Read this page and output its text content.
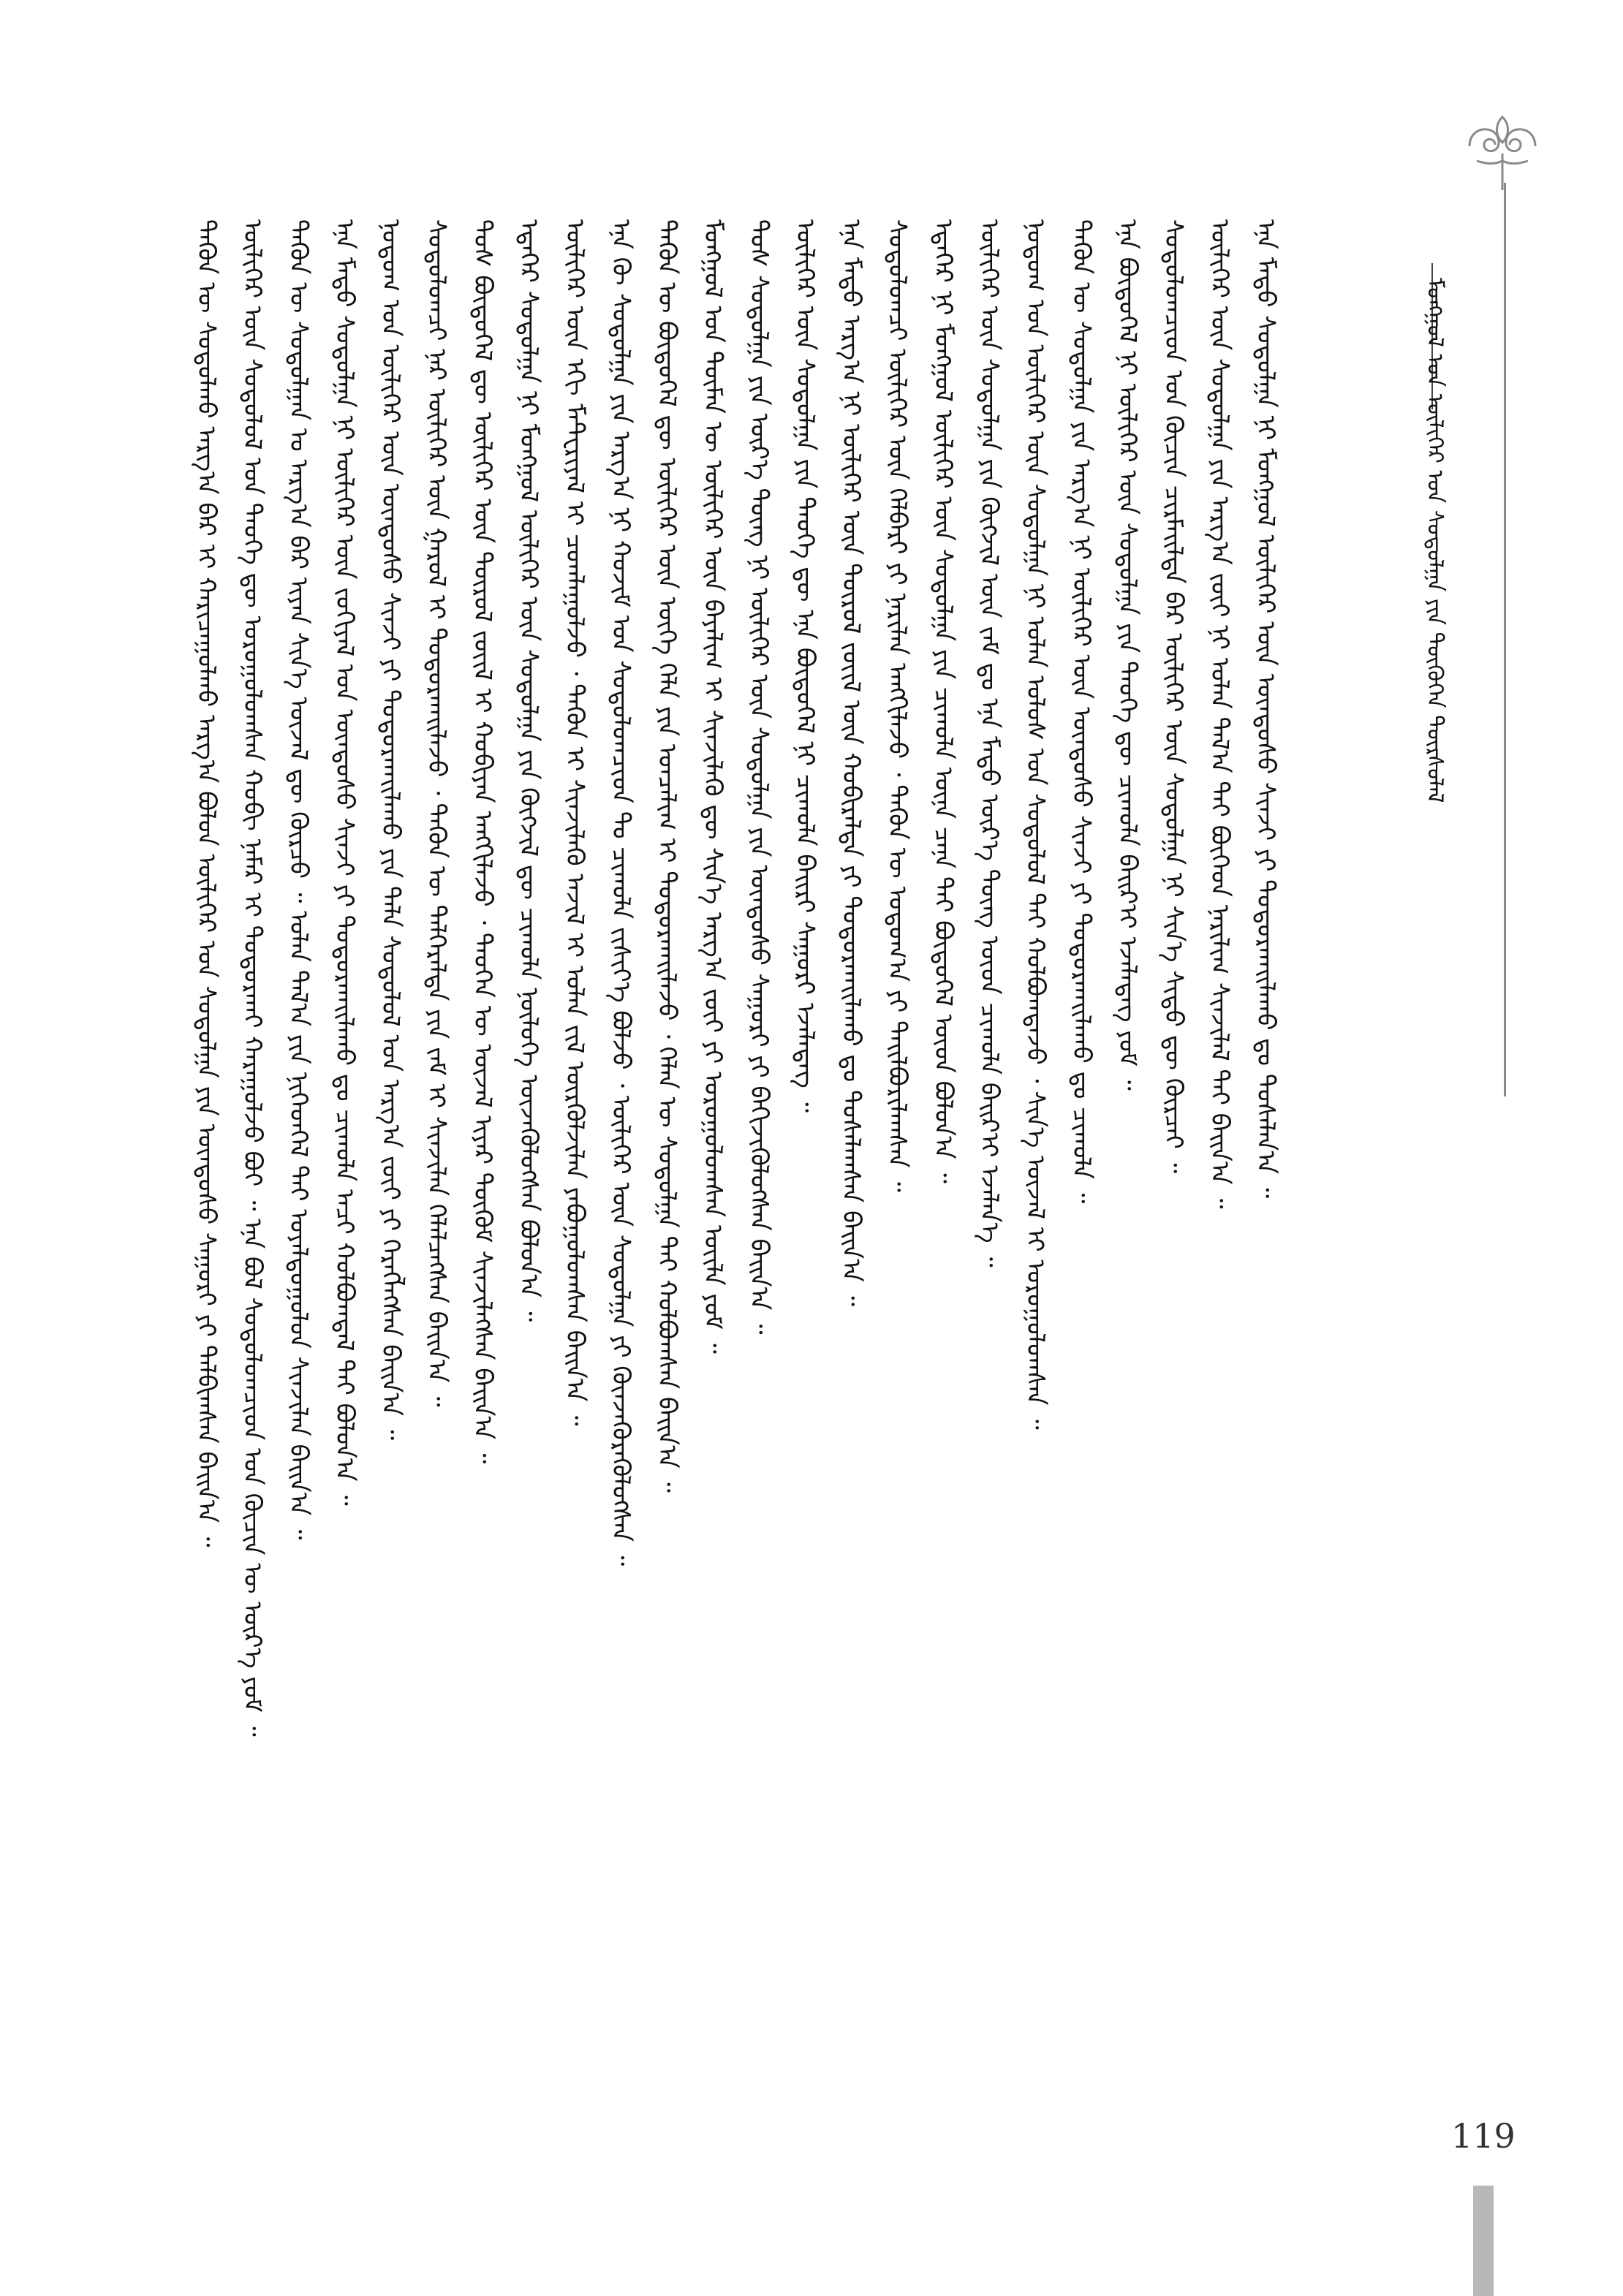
ᠮᠣᠩᠭᠤᠯ ᠤᠨ ᠦᠯᠢᠭᠡᠷ ᠤᠨ ᠰᠤᠳᠤᠯᠭᠠ ᠶᠢᠨ ᠲᠦᠬᠦᠬᠡᠨ ᠳᠦᠷᠰᠦᠯᠡᠯ
ᠲᠡᠭᠦᠨ ᠦ ᠰᠤᠳᠤᠯᠬᠤ ᠠᠷᠭ᠎ᠠ ᠪᠠᠷ ᠢ ᠬᠠᠷᠢᠴᠠᠭᠤᠯᠬᠤ ᠠᠷᠭ᠎ᠠ ᠪᠤᠯᠤᠨ ᠦᠯᠢᠭᠡᠷ ᠤᠨ ᠰᠤᠳᠤᠯᠭᠠ ᠶᠢᠨ ᠦᠨᠳᠦᠰᠦ ᠰᠠᠭᠤᠷᠢ ᠶᠢ ᠲᠠᠯᠪᠢᠭᠰᠠᠨ ᠪᠠᠢᠨ᠎ᠠ ᠃ ᠦᠯᠢᠭᠡᠷ ᠦᠨ ᠰᠤᠳᠤᠯᠤᠯ ᠤᠨ ᠲᠡᠦᠬᠡ ᠳᠦ ᠣᠷᠣᠭᠤᠯᠤᠭᠰᠠᠨ ᠬᠤᠪᠢ ᠨᠡᠮᠡᠷ ᠢ ᠲᠣᠳᠣᠷᠬᠠᠢ ᠬᠠᠷᠠᠭᠤᠯᠵᠤ ᠪᠤᠢ ᠃ ᠡᠨᠡ ᠪᠣᠯ ᠰᠤᠳᠤᠯᠤᠭᠴᠢᠳ ᠤᠨ ᠬᠦᠴᠢᠨ ᠦ ᠦᠷ᠎ᠡ ᠶᠤᠮ ᠃ ᠲᠡᠭᠦᠨ ᠦ ᠰᠤᠳᠤᠯᠭᠠᠨ ᠤ ᠠᠷᠭ᠎ᠠ ᠪᠠᠷ ᠢᠶᠠᠨ ᠰᠢᠨ᠎ᠡ ᠦᠵᠡᠯ ᠳᠦ ᠬᠦᠷᠴᠦ ᠃ ᠣᠯᠠᠨ ᠲᠠᠯ᠎ᠠ ᠶᠢᠨ ᠨᠢᠭᠡᠳᠬᠡᠯ ᠲᠡᠢ ᠤᠶᠠᠯᠳᠤᠭᠤᠯᠤᠨ ᠰᠢᠨᠵᠢᠯᠡᠨ ᠪᠠᠢᠨ᠎ᠠ ᠃ ᠡᠨᠡ ᠮᠡᠲᠦ ᠰᠤᠳᠤᠯᠭᠠ ᠨᠢ ᠦᠯᠢᠭᠡᠷ ᠦᠨ ᠵᠣᠬᠢᠶᠠᠯ ᠤᠨ ᠦᠨᠳᠦᠰᠦ ᠰᠢᠨᠵᠢ ᠶᠢ ᠲᠣᠳᠣᠷᠬᠠᠢᠯᠠᠬᠤ ᠳᠤ ᠴᠢᠬᠤᠯᠠ ᠠᠴᠢ ᠬᠣᠯᠪᠣᠭᠳᠠᠯ ᠲᠠᠢ ᠪᠣᠯᠤᠨ᠎ᠠ ᠃ ᠨᠤᠲᠤᠭ ᠤᠨ ᠦᠯᠢᠭᠡᠷ ᠦᠨ ᠦᠨᠳᠦᠰᠦ ᠰᠢᠨᠵᠢ ᠶᠢ ᠲᠣᠳᠣᠷᠬᠠᠢᠯᠠᠬᠤ ᠶᠢᠨ ᠲᠡᠯᠡ ᠰᠤᠳᠤᠯᠤᠯ ᠤᠨ ᠠᠷᠭ᠎ᠠ ᠵᠦᠢ ᠶᠢ ᠬᠡᠷᠡᠭᠯᠡᠭᠰᠡᠨ ᠪᠠᠢᠨ᠎ᠠ ᠃ ᠰᠤᠳᠤᠯᠤᠭᠴᠢ ᠨᠠᠷ ᠦᠯᠢᠭᠡᠷ ᠦᠨ ᠭᠠᠷᠤᠯ ᠢ ᠲᠣᠳᠣᠷᠬᠠᠢᠯᠠᠵᠤ ᠂ ᠲᠡᠭᠦᠨ ᠦ ᠳᠡᠯᠭᠡᠷᠡᠯᠲᠡ ᠶᠢᠨ ᠵᠠᠮ ᠢ ᠰᠢᠨᠵᠢᠯᠡᠨ ᠬᠡᠯᠡᠯᠴᠡᠭᠰᠡᠨ ᠪᠠᠢᠨ᠎ᠠ ᠃ ᠲᠤᠰ ᠪᠦᠲᠦᠭᠡᠯ ᠳᠦ ᠦᠯᠢᠭᠡᠷ ᠦᠨ ᠲᠦᠷᠦᠯ ᠵᠦᠢᠯ ᠢ ᠬᠤᠪᠢᠶᠠᠨ ᠠᠩᠭᠢᠯᠠᠵᠤ ᠂ ᠲᠡᠦᠬᠡᠨ ᠦ ᠦᠵᠡᠯ ᠢᠶᠡᠷ ᠳᠦᠭᠦᠮ ᠰᠢᠨᠵᠢᠯᠡᠭᠰᠡᠨ ᠪᠠᠢᠨ᠎ᠠ ᠃ ᠡᠳᠡᠭᠡᠷ ᠰᠤᠳᠤᠯᠭᠠ ᠨᠢ ᠮᠣᠩᠭᠤᠯ ᠦᠯᠢᠭᠡᠷ ᠦᠨ ᠰᠤᠳᠤᠯᠭᠠ ᠶᠢᠨ ᠬᠥᠭᠵᠢᠯ ᠳᠦ ᠴᠢᠬᠤᠯᠠ ᠨᠥᠯᠥᠭᠡ ᠦᠵᠡᠭᠦᠯᠦᠭᠰᠡᠨ ᠪᠣᠯᠤᠨ᠎ᠠ ᠃ ᠦᠯᠢᠭᠡᠷ ᠦᠨ ᠡᠬᠢ ᠮᠠᠲ᠋ᠧᠷᠢᠶᠠᠯ ᠢ ᠴᠤᠭᠯᠠᠭᠤᠯᠵᠤ ᠂ ᠲᠡᠭᠦᠨ ᠢ ᠰᠢᠨᠵᠢᠯᠡᠬᠦ ᠠᠵᠢᠯ ᠢ ᠣᠯᠠᠨ ᠵᠢᠯ ᠦᠷᠭᠦᠯᠵᠢᠯᠡᠨ ᠶᠠᠪᠤᠭᠤᠯᠤᠭᠰᠠᠨ ᠪᠠᠢᠨ᠎ᠠ ᠃ ᠡᠨᠡ ᠬᠦ ᠰᠤᠳᠤᠯᠭᠠ ᠶᠢᠨ ᠠᠷᠭ᠎ᠠ ᠨᠢ ᠬᠣᠵᠢᠮ ᠤᠨ ᠰᠤᠳᠤᠯᠤᠭᠴᠢᠳ ᠲᠤ ᠴᠢᠬᠤᠯᠠ ᠵᠢᠱᠢᠶ᠎ᠡ ᠪᠣᠯᠵᠤ ᠂ ᠦᠯᠢᠭᠡᠷ ᠦᠨ ᠰᠤᠳᠤᠯᠭᠠ ᠶᠢ ᠭᠦᠨᠵᠡᠭᠦᠷᠡᠭᠦᠯᠦᠭᠰᠡᠨ ᠃ ᠲᠡᠭᠦᠨ ᠦ ᠪᠦᠲᠦᠭᠡᠯ ᠳᠦ ᠦᠯᠢᠭᠡᠷ ᠦᠨ ᠦᠭᠡ ᠬᠡᠯᠡ ᠶᠢᠨ ᠣᠨᠴᠠᠯᠢᠭ ᠢ ᠲᠣᠳᠣᠷᠬᠠᠢᠯᠠᠵᠤ ᠂ ᠬᠡᠯᠡᠨ ᠦ ᠰᠤᠳᠤᠯᠭᠠ ᠲᠠᠢ ᠬᠣᠯᠪᠣᠭᠰᠠᠨ ᠪᠠᠢᠨ᠎ᠠ ᠃ ᠮᠣᠩᠭᠤᠯ ᠤᠨ ᠲᠦᠮᠡᠨ ᠦ ᠦᠯᠢᠭᠡᠷ ᠦᠨ ᠪᠠᠶᠠᠯᠢᠭ ᠢ ᠰᠢᠨᠵᠢᠯᠡᠬᠦ ᠳᠦ ᠰᠢᠨ᠎ᠡ ᠠᠷᠭ᠎ᠠ ᠵᠦᠢ ᠶᠢ ᠣᠷᠣᠭᠤᠯᠤᠭᠰᠠᠨ ᠦᠢᠯᠡ ᠶᠤᠮ ᠃ ᠲᠤᠰ ᠰᠤᠳᠤᠯᠭᠠ ᠶᠢᠨ ᠦᠷ᠎ᠡ ᠳᠦᠩ ᠨᠢ ᠦᠯᠢᠭᠡᠷ ᠦᠨ ᠰᠤᠳᠤᠯᠭᠠ ᠶᠢᠨ ᠦᠨᠳᠦᠰᠦ ᠰᠠᠭᠤᠷᠢ ᠶᠢ ᠪᠡᠬᠢᠵᠢᠭᠦᠯᠦᠭᠰᠡᠨ ᠪᠠᠢᠨ᠎ᠠ ᠃ ᠦᠯᠢᠭᠡᠷ ᠦᠨ ᠰᠤᠳᠤᠯᠭᠠ ᠶᠢᠨ ᠲᠡᠦᠬᠡ ᠳᠦ ᠡᠨᠡ ᠪᠦᠲᠦᠭᠡᠯ ᠨᠢ ᠴᠢᠬᠤᠯᠠ ᠪᠠᠢᠷᠢ ᠰᠠᠭᠤᠷᠢ ᠡᠵᠡᠯᠡᠳᠡᠭ ᠃ ᠡᠨᠡ ᠮᠡᠲᠦ ᠠᠷᠭ᠎ᠠ ᠨᠢ ᠦᠯᠢᠭᠡᠷ ᠦᠨ ᠲᠦᠷᠦᠯ ᠵᠦᠢᠯ ᠦᠨ ᠬᠤᠪᠢᠷᠠᠯᠲᠠ ᠶᠢ ᠲᠣᠳᠣᠷᠬᠠᠢᠯᠠᠬᠤ ᠳᠤ ᠲᠤᠰᠠᠯᠠᠭᠰᠠᠨ ᠪᠠᠢᠨ᠎ᠠ ᠃ ᠰᠤᠳᠤᠯᠤᠭᠴᠢ ᠦᠯᠢᠭᠡᠷ ᠦᠨ ᠬᠡᠯᠪᠡᠷᠢ ᠶᠢ ᠨᠠᠷᠢᠯᠠᠨ ᠠᠩᠭᠢᠯᠠᠵᠤ ᠂ ᠲᠡᠭᠦᠨ ᠦ ᠤᠲᠤᠭ᠎ᠠ ᠶᠢ ᠲᠠᠢᠯᠪᠤᠷᠢᠯᠠᠭᠰᠠᠨ ᠃ ᠡᠳᠡᠭᠡᠷ ᠨᠢ ᠮᠣᠩᠭᠤᠯ ᠦᠯᠢᠭᠡᠷ ᠦᠨ ᠰᠤᠳᠤᠯᠭᠠ ᠶᠢᠨ ᠴᠢᠬᠤᠯᠠ ᠦᠨᠡ ᠴᠡᠨᠡ ᠲᠠᠢ ᠪᠦᠲᠦᠭᠡᠯ ᠦᠳ ᠪᠣᠯᠤᠨ᠎ᠠ ᠃ ᠦᠯᠢᠭᠡᠷ ᠦᠨ ᠰᠤᠳᠤᠯᠭᠠ ᠶᠢᠨ ᠬᠥᠭᠵᠢᠯ ᠦᠨ ᠵᠠᠮ ᠳᠤ ᠡᠨᠡ ᠮᠡᠲᠦ ᠦᠷ᠎ᠡ ᠳᠦᠩ ᠦᠳ ᠴᠢᠬᠤᠯᠠ ᠪᠠᠢᠷ᠎ᠢ ᠡᠵᠡᠯᠡᠨ᠎ᠡ ᠃ ᠨᠤᠲᠤᠭ ᠤᠨ ᠦᠯᠢᠭᠡᠷ ᠦᠨ ᠰᠤᠳᠤᠯᠭᠠ ᠨᠢ ᠣᠯᠠᠨ ᠤᠯᠤᠰ ᠤᠨ ᠰᠤᠳᠤᠯᠤᠯ ᠲᠠᠢ ᠬᠣᠯᠪᠣᠭᠳᠠᠵᠤ ᠂ ᠰᠢᠨ᠎ᠡ ᠦᠵᠡᠯ ᠢ ᠣᠷᠣᠭᠤᠯᠤᠭᠰᠠᠨ ᠃ ᠲᠡᠭᠦᠨ ᠦ ᠰᠤᠳᠤᠯᠭᠠ ᠶᠢᠨ ᠠᠷᠭ᠎ᠠ ᠨᠢ ᠦᠯᠢᠭᠡᠷ ᠦᠨ ᠦᠨᠳᠦᠰᠦ ᠰᠢᠨᠵᠢ ᠶᠢ ᠲᠣᠳᠣᠷᠬᠠᠢᠯᠠᠬᠤ ᠳᠤ ᠴᠢᠬᠤᠯᠠ ᠃ ᠡᠨᠡ ᠪᠦᠲᠦᠭᠡᠯ ᠨᠢ ᠦᠯᠢᠭᠡᠷ ᠦᠨ ᠰᠤᠳᠤᠯᠭᠠ ᠶᠢᠨ ᠲᠡᠦᠬᠡ ᠳᠦ ᠴᠢᠬᠤᠯᠠ ᠪᠠᠢᠷ᠎ᠢ ᠡᠵᠡᠯᠡᠳᠡᠭ ᠶᠤᠮ ᠃ ᠰᠤᠳᠤᠯᠤᠭᠴᠢᠳ ᠤᠨ ᠬᠦᠴᠢᠨ ᠴᠢᠷᠮᠠᠢᠯᠲᠠ ᠪᠠᠷ ᠦᠯᠢᠭᠡᠷ ᠦᠨ ᠰᠤᠳᠤᠯᠭᠠ ᠨᠢ ᠰᠢᠨ᠎ᠡ ᠰᠢᠲᠤ ᠳᠦ ᠬᠦᠷᠴᠡᠢ ᠃ ᠦᠯᠢᠭᠡᠷ ᠦᠨ ᠰᠤᠳᠤᠯᠭᠠ ᠶᠢᠨ ᠠᠷᠭ᠎ᠠ ᠵᠦᠢ ᠨᠢ ᠣᠯᠠᠨ ᠲᠠᠯ᠎ᠠ ᠲᠠᠢ ᠪᠥᠭᠡᠳ ᠨᠠᠷᠢᠯᠢᠭ ᠰᠢᠨᠵᠢᠯᠡᠯ ᠲᠡᠢ ᠪᠠᠢᠨ᠎ᠠ ᠃ ᠡᠨᠡ ᠮᠡᠲᠦ ᠰᠤᠳᠤᠯᠭᠠ ᠨᠢ ᠮᠣᠩᠭᠤᠯ ᠦᠯᠢᠭᠡᠷ ᠦᠨ ᠦᠨᠳᠦᠰᠦ ᠰᠢᠨᠵᠢ ᠶᠢ ᠲᠣᠳᠣᠷᠬᠠᠢᠯᠠᠬᠤ ᠳᠤ ᠲᠤᠰᠠᠯᠠᠨ᠎ᠠ ᠃
119
